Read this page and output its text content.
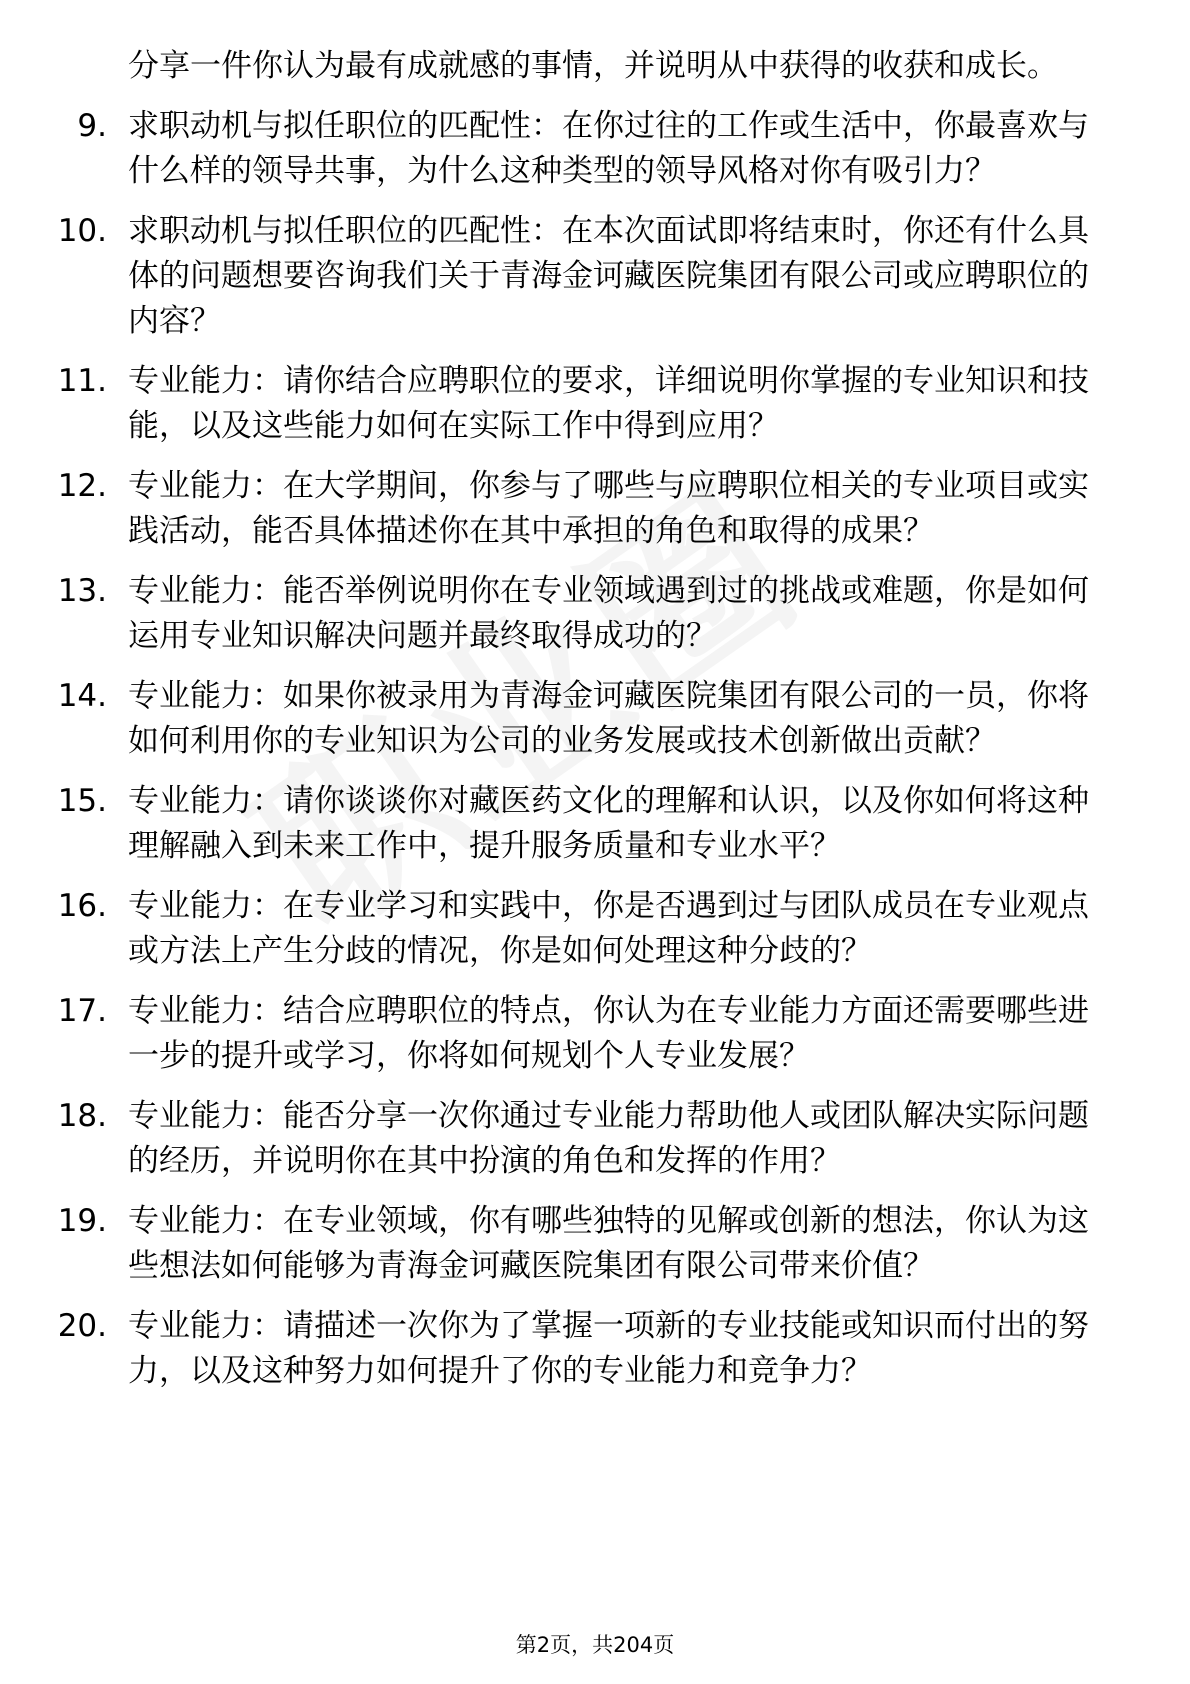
分享一件你认为最有成就感的事情，并说明从中获得的收获和成长。
9. 求职动机与拟任职位的匹配性：在你过往的工作或生活中，你最喜欢与什么样的领导共事，为什么这种类型的领导风格对你有吸引力？
10. 求职动机与拟任职位的匹配性：在本次面试即将结束时，你还有什么具体的问题想要咨询我们关于青海金诃藏医院集团有限公司或应聘职位的内容？
11. 专业能力：请你结合应聘职位的要求，详细说明你掌握的专业知识和技能，以及这些能力如何在实际工作中得到应用？
12. 专业能力：在大学期间，你参与了哪些与应聘职位相关的专业项目或实践活动，能否具体描述你在其中承担的角色和取得的成果？
13. 专业能力：能否举例说明你在专业领域遇到过的挑战或难题，你是如何运用专业知识解决问题并最终取得成功的？
14. 专业能力：如果你被录用为青海金诃藏医院集团有限公司的一员，你将如何利用你的专业知识为公司的业务发展或技术创新做出贡献？
15. 专业能力：请你谈谈你对藏医药文化的理解和认识，以及你如何将这种理解融入到未来工作中，提升服务质量和专业水平？
16. 专业能力：在专业学习和实践中，你是否遇到过与团队成员在专业观点或方法上产生分歧的情况，你是如何处理这种分歧的？
17. 专业能力：结合应聘职位的特点，你认为在专业能力方面还需要哪些进一步的提升或学习，你将如何规划个人专业发展？
18. 专业能力：能否分享一次你通过专业能力帮助他人或团队解决实际问题的经历，并说明你在其中扮演的角色和发挥的作用？
19. 专业能力：在专业领域，你有哪些独特的见解或创新的想法，你认为这些想法如何能够为青海金诃藏医院集团有限公司带来价值？
20. 专业能力：请描述一次你为了掌握一项新的专业技能或知识而付出的努力，以及这种努力如何提升了你的专业能力和竞争力？
第2页，共204页
